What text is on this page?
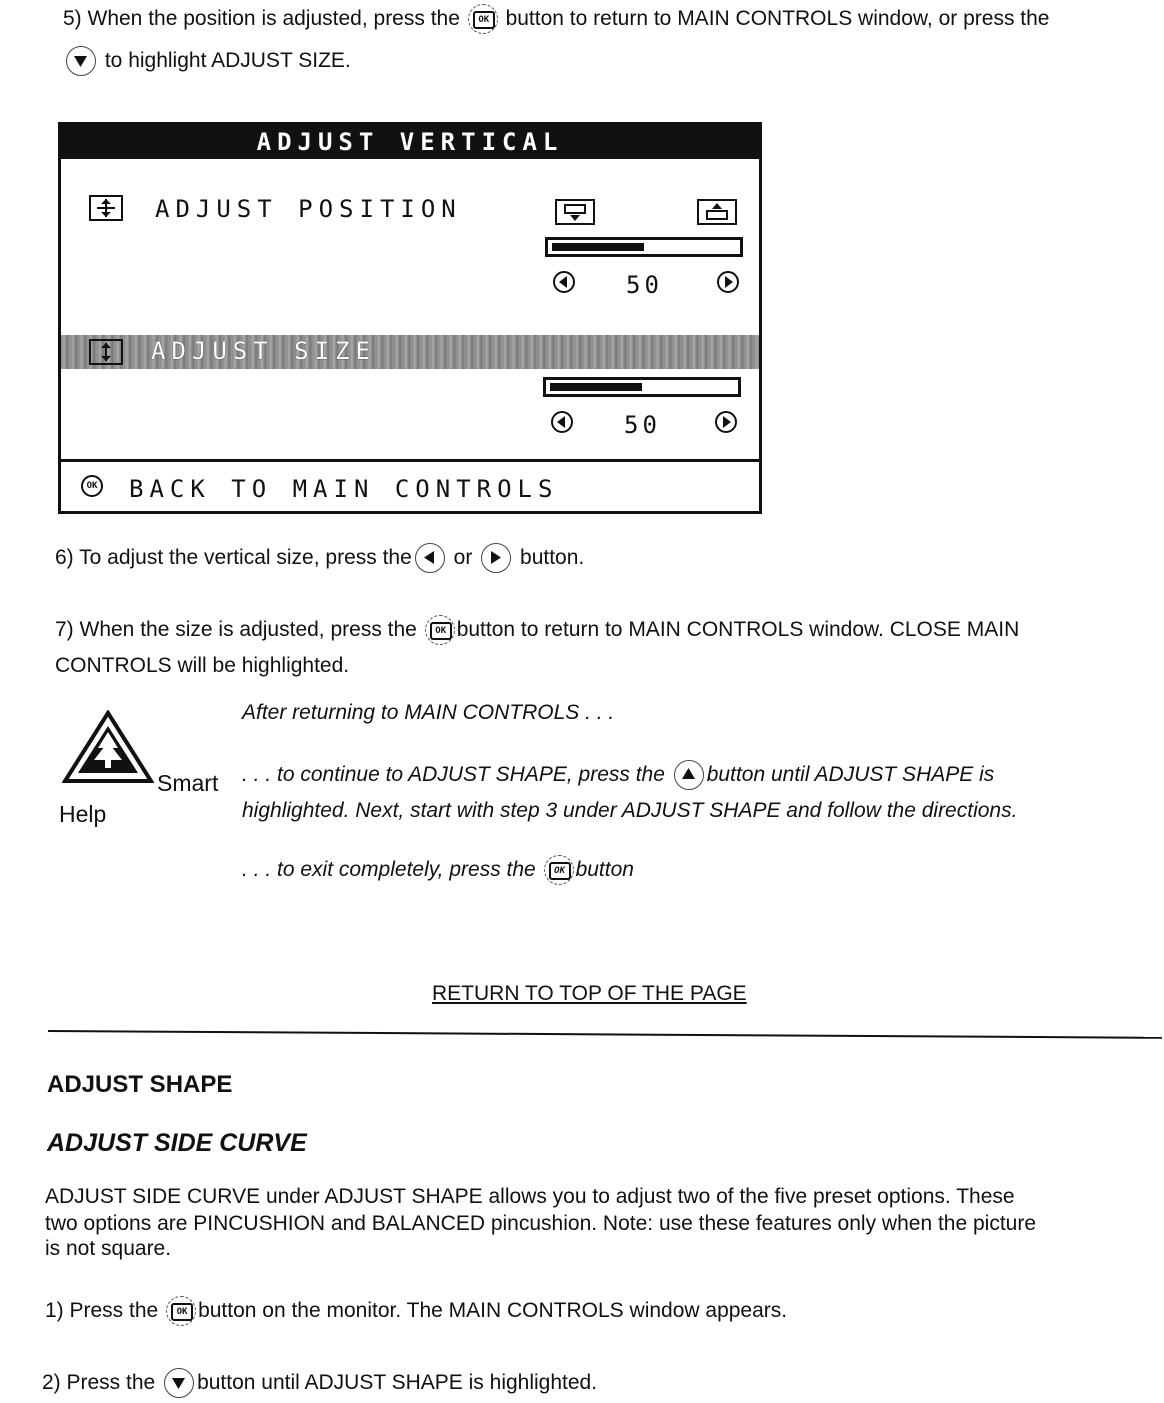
5) When the position is adjusted, press the	OK button to return to MAIN CONTROLS window, or press the
to highlight ADJUST SIZE.
ADJUST VERTICAL
ADJUST POSITION
50
ADJUST SIZE
50
OK BACK TO MAIN CONTROLS
6) To adjust the vertical size, press the or button.
7) When the size is adjusted, press the	OK button to return to MAIN CONTROLS window. CLOSE MAIN
CONTROLS will be highlighted.
Smart
Help
After returning to MAIN CONTROLS . . .
. . . to continue to ADJUST SHAPE, press the button until ADJUST SHAPE is
highlighted. Next, start with step 3 under ADJUST SHAPE and follow the directions.
. . . to exit completely, press the	OK button
RETURN TO TOP OF THE PAGE
ADJUST SHAPE
ADJUST SIDE CURVE
ADJUST SIDE CURVE under ADJUST SHAPE allows you to adjust two of the five preset options. These
two options are PINCUSHION and BALANCED pincushion. Note: use these features only when the picture
is not square.
1) Press the	OK button on the monitor. The MAIN CONTROLS window appears.
2) Press the button until ADJUST SHAPE is highlighted.
